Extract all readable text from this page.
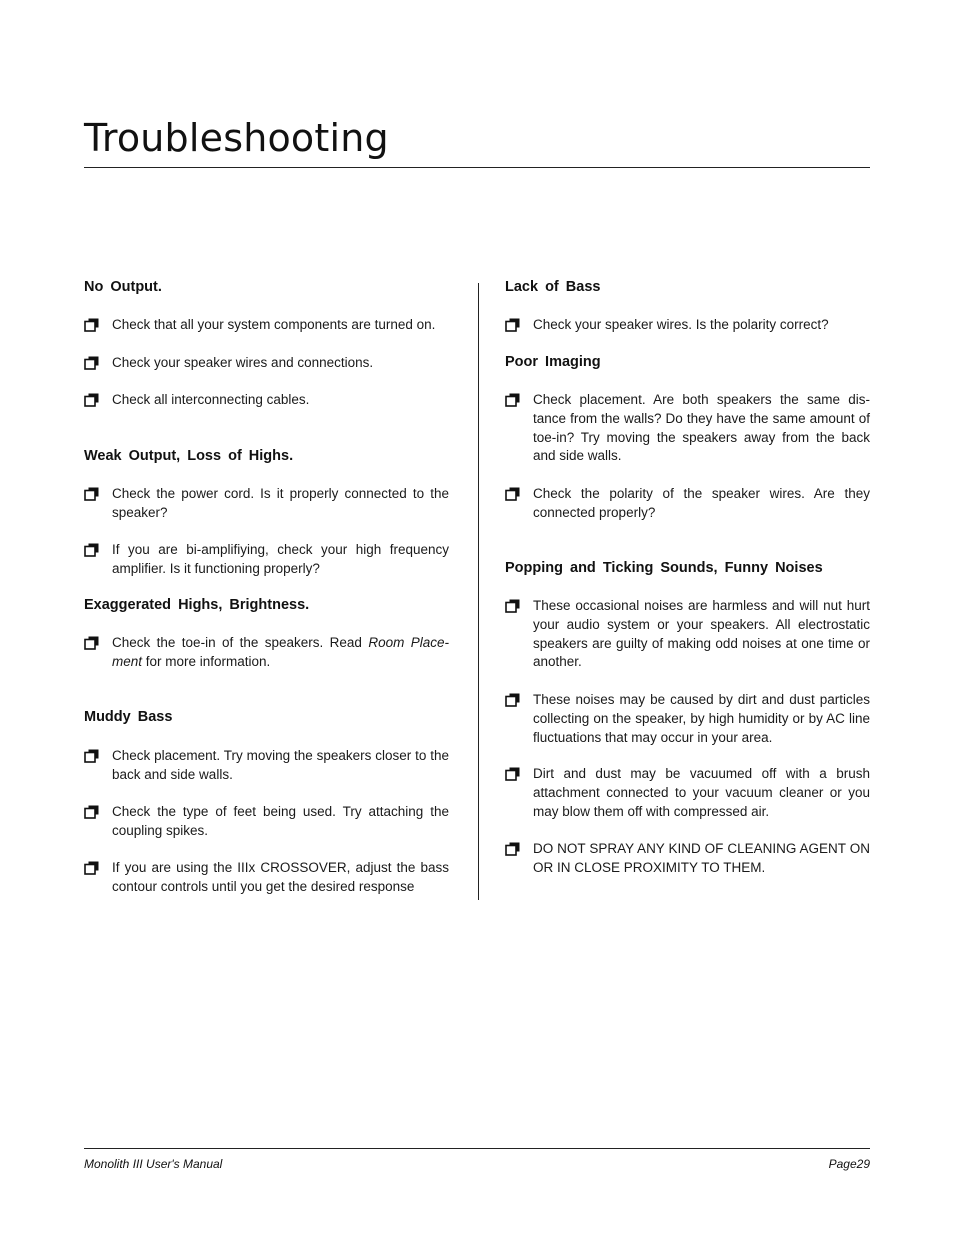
Troubleshooting
No Output.
Check that all your system components are turned on.
Check your speaker wires and connections.
Check all interconnecting cables.
Weak Output, Loss of Highs.
Check the power cord. Is it properly connected to the speaker?
If you are bi-amplifiying, check your high frequency amplifier. Is it functioning properly?
Exaggerated Highs, Brightness.
Check the toe-in of the speakers. Read Room Place-ment for more information.
Muddy Bass
Check placement. Try moving the speakers closer to the back and side walls.
Check the type of feet being used. Try attaching the coupling spikes.
If you are using the IIIx CROSSOVER, adjust the bass contour controls until you get the desired response
Lack of Bass
Check your speaker wires. Is the polarity correct?
Poor Imaging
Check placement. Are both speakers the same dis-tance from the walls? Do they have the same amount of toe-in? Try moving the speakers away from the back and side walls.
Check the polarity of the speaker wires. Are they connected properly?
Popping and Ticking Sounds, Funny Noises
These occasional noises are harmless and will nut hurt your audio system or your speakers. All electrostatic speakers are guilty of making odd noises at one time or another.
These noises may be caused by dirt and dust particles collecting on the speaker, by high humidity or by AC line fluctuations that may occur in your area.
Dirt and dust may be vacuumed off with a brush attachment connected to your vacuum cleaner or you may blow them off with compressed air.
DO NOT SPRAY ANY KIND OF CLEANING AGENT ON OR IN CLOSE PROXIMITY TO THEM.
Monolith III User's Manual	Page29
